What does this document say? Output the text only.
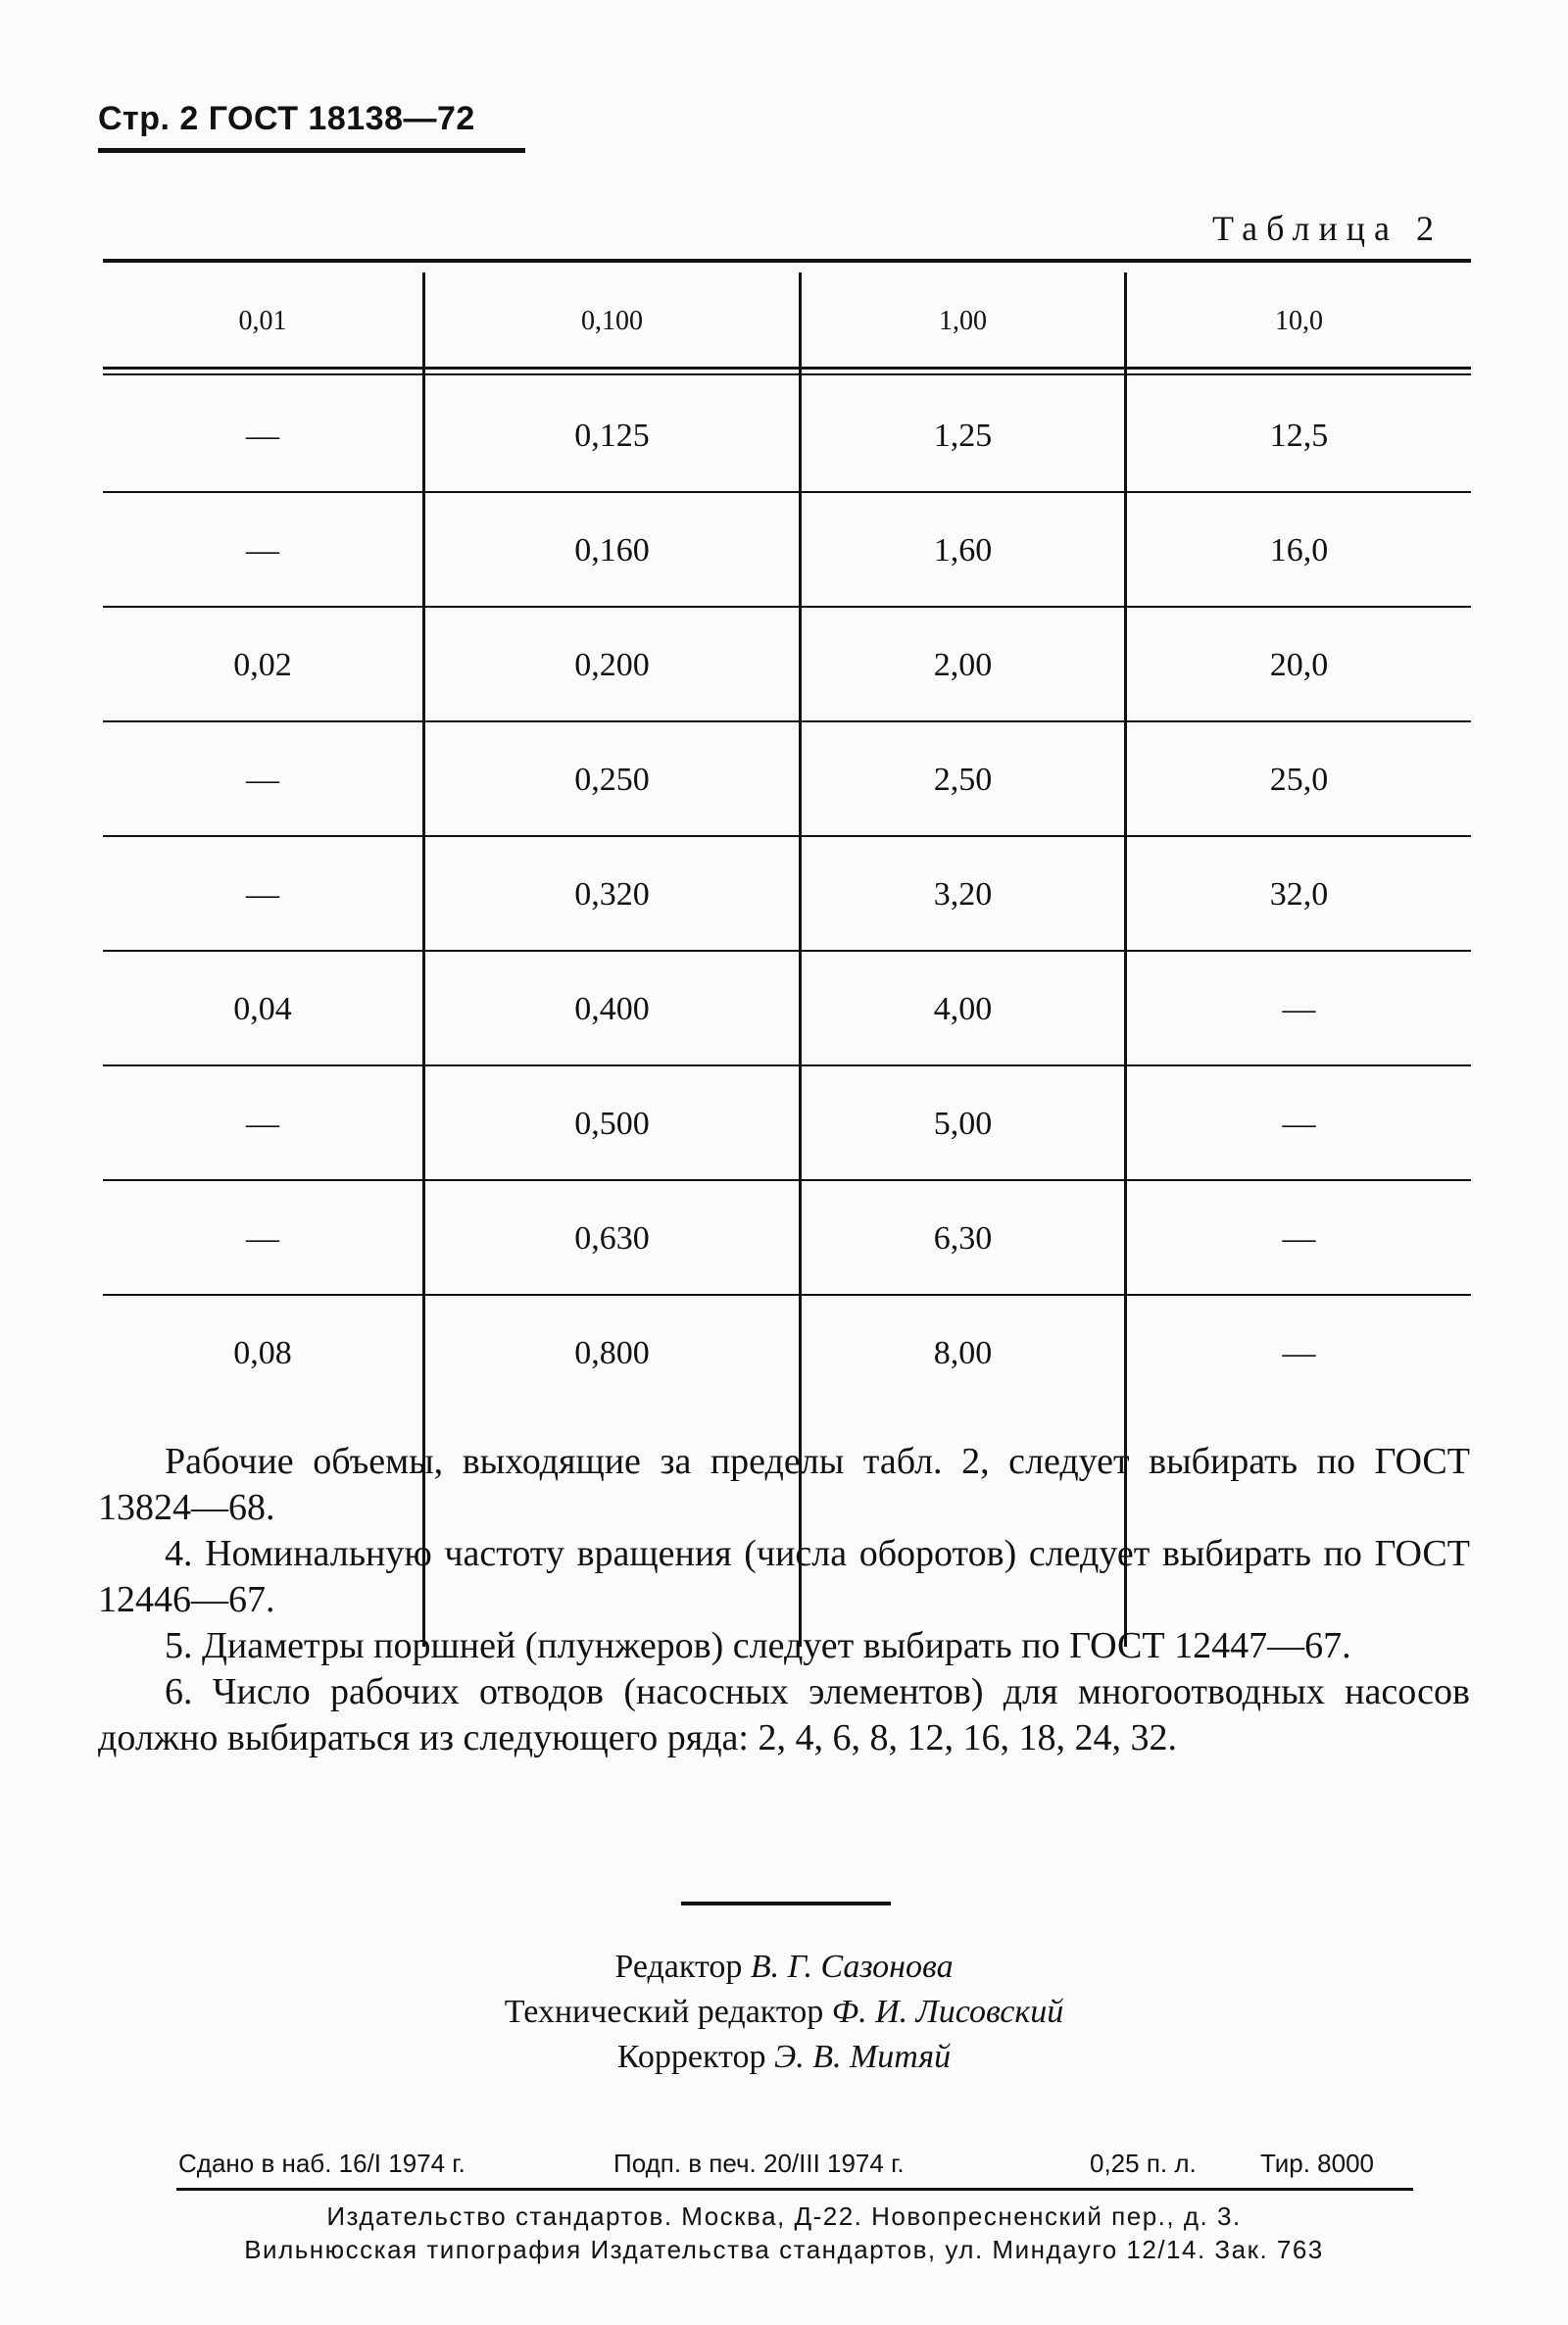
Стр. 2 ГОСТ 18138—72
Таблица 2
0,01	0,100	1,00	10,0
—	0,125	1,25	12,5
—	0,160	1,60	16,0
0,02	0,200	2,00	20,0
—	0,250	2,50	25,0
—	0,320	3,20	32,0
0,04	0,400	4,00	—
—	0,500	5,00	—
—	0,630	6,30	—
0,08	0,800	8,00	—

Рабочие объемы, выходящие за пределы табл. 2, следует выбирать по ГОСТ 13824—68.

4. Номинальную частоту вращения (числа оборотов) следует выбирать по ГОСТ 12446—67.

5. Диаметры поршней (плунжеров) следует выбирать по ГОСТ 12447—67.

6. Число рабочих отводов (насосных элементов) для многоотводных насосов должно выбираться из следующего ряда: 2, 4, 6, 8, 12, 16, 18, 24, 32.

Редактор В. Г. Сазонова
Технический редактор Ф. И. Лисовский
Корректор Э. В. Митяй
Сдано в наб. 16/I 1974 г.	Подп. в печ. 20/III 1974 г.	0,25 п. л.	Тир. 8000
Издательство стандартов. Москва, Д-22. Новопресненский пер., д. 3.
Вильнюсская типография Издательства стандартов, ул. Миндауго 12/14. Зак. 763
